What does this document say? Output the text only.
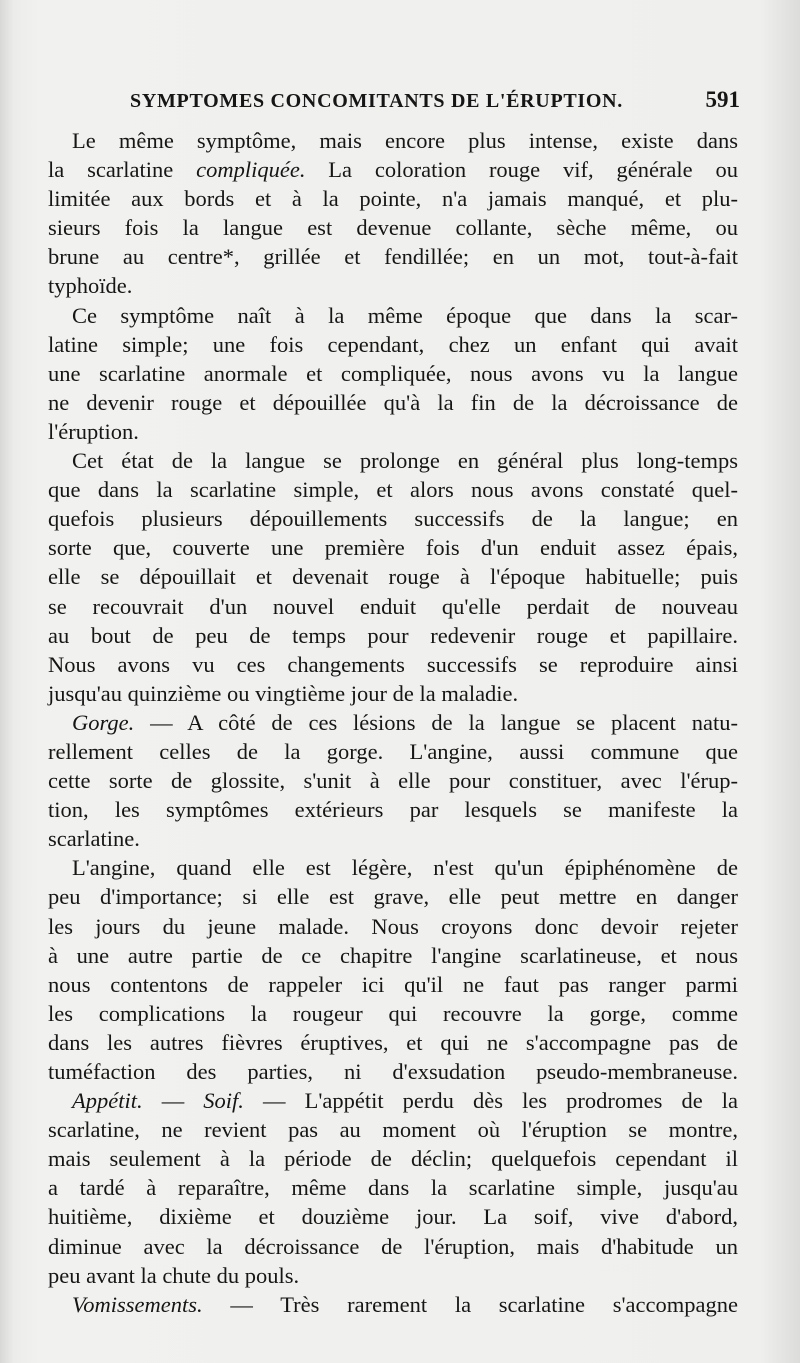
SYMPTOMES CONCOMITANTS DE L'ÉRUPTION.	591
Le même symptôme, mais encore plus intense, existe dans
la scarlatine compliquée. La coloration rouge vif, générale ou
limitée aux bords et à la pointe, n'a jamais manqué, et plu-
sieurs fois la langue est devenue collante, sèche même, ou
brune au centre*, grillée et fendillée; en un mot, tout-à-fait
typhoïde.
Ce symptôme naît à la même époque que dans la scar-
latine simple; une fois cependant, chez un enfant qui avait
une scarlatine anormale et compliquée, nous avons vu la langue
ne devenir rouge et dépouillée qu'à la fin de la décroissance de
l'éruption.
Cet état de la langue se prolonge en général plus long-temps
que dans la scarlatine simple, et alors nous avons constaté quel-
quefois plusieurs dépouillements successifs de la langue; en
sorte que, couverte une première fois d'un enduit assez épais,
elle se dépouillait et devenait rouge à l'époque habituelle; puis
se recouvrait d'un nouvel enduit qu'elle perdait de nouveau
au bout de peu de temps pour redevenir rouge et papillaire.
Nous avons vu ces changements successifs se reproduire ainsi
jusqu'au quinzième ou vingtième jour de la maladie.
Gorge. — A côté de ces lésions de la langue se placent natu-
rellement celles de la gorge. L'angine, aussi commune que
cette sorte de glossite, s'unit à elle pour constituer, avec l'érup-
tion, les symptômes extérieurs par lesquels se manifeste la
scarlatine.
L'angine, quand elle est légère, n'est qu'un épiphénomène de
peu d'importance; si elle est grave, elle peut mettre en danger
les jours du jeune malade. Nous croyons donc devoir rejeter
à une autre partie de ce chapitre l'angine scarlatineuse, et nous
nous contentons de rappeler ici qu'il ne faut pas ranger parmi
les complications la rougeur qui recouvre la gorge, comme
dans les autres fièvres éruptives, et qui ne s'accompagne pas de
tuméfaction des parties, ni d'exsudation pseudo-membraneuse.
Appétit. — Soif. — L'appétit perdu dès les prodromes de la
scarlatine, ne revient pas au moment où l'éruption se montre,
mais seulement à la période de déclin; quelquefois cependant il
a tardé à reparaître, même dans la scarlatine simple, jusqu'au
huitième, dixième et douzième jour. La soif, vive d'abord,
diminue avec la décroissance de l'éruption, mais d'habitude un
peu avant la chute du pouls.
Vomissements. — Très rarement la scarlatine s'accompagne
